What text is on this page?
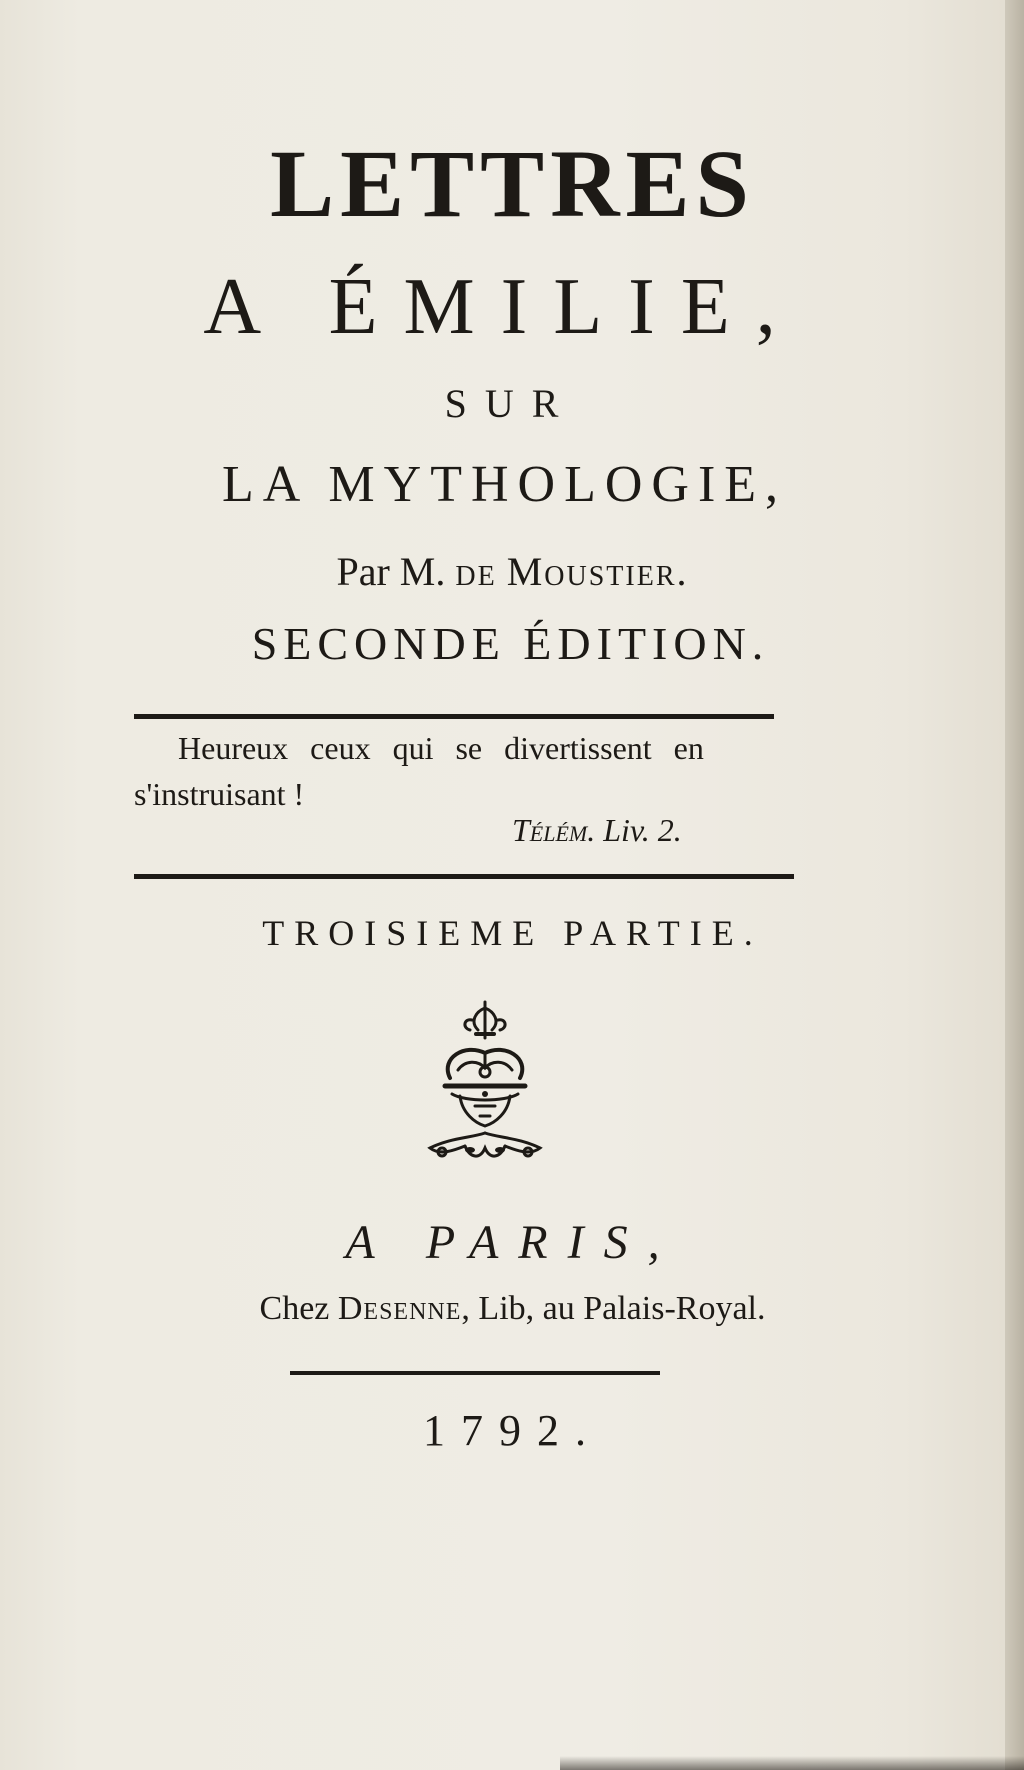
LETTRES
A ÉMILIE,
SUR
LA MYTHOLOGIE,
Par M. de Moustier.
SECONDE ÉDITION.
Heureux ceux qui se divertissent en
s'instruisant !
Télém. Liv. 2.
TROISIEME PARTIE.
A PARIS,
Chez Desenne, Lib, au Palais-Royal.
1792.
